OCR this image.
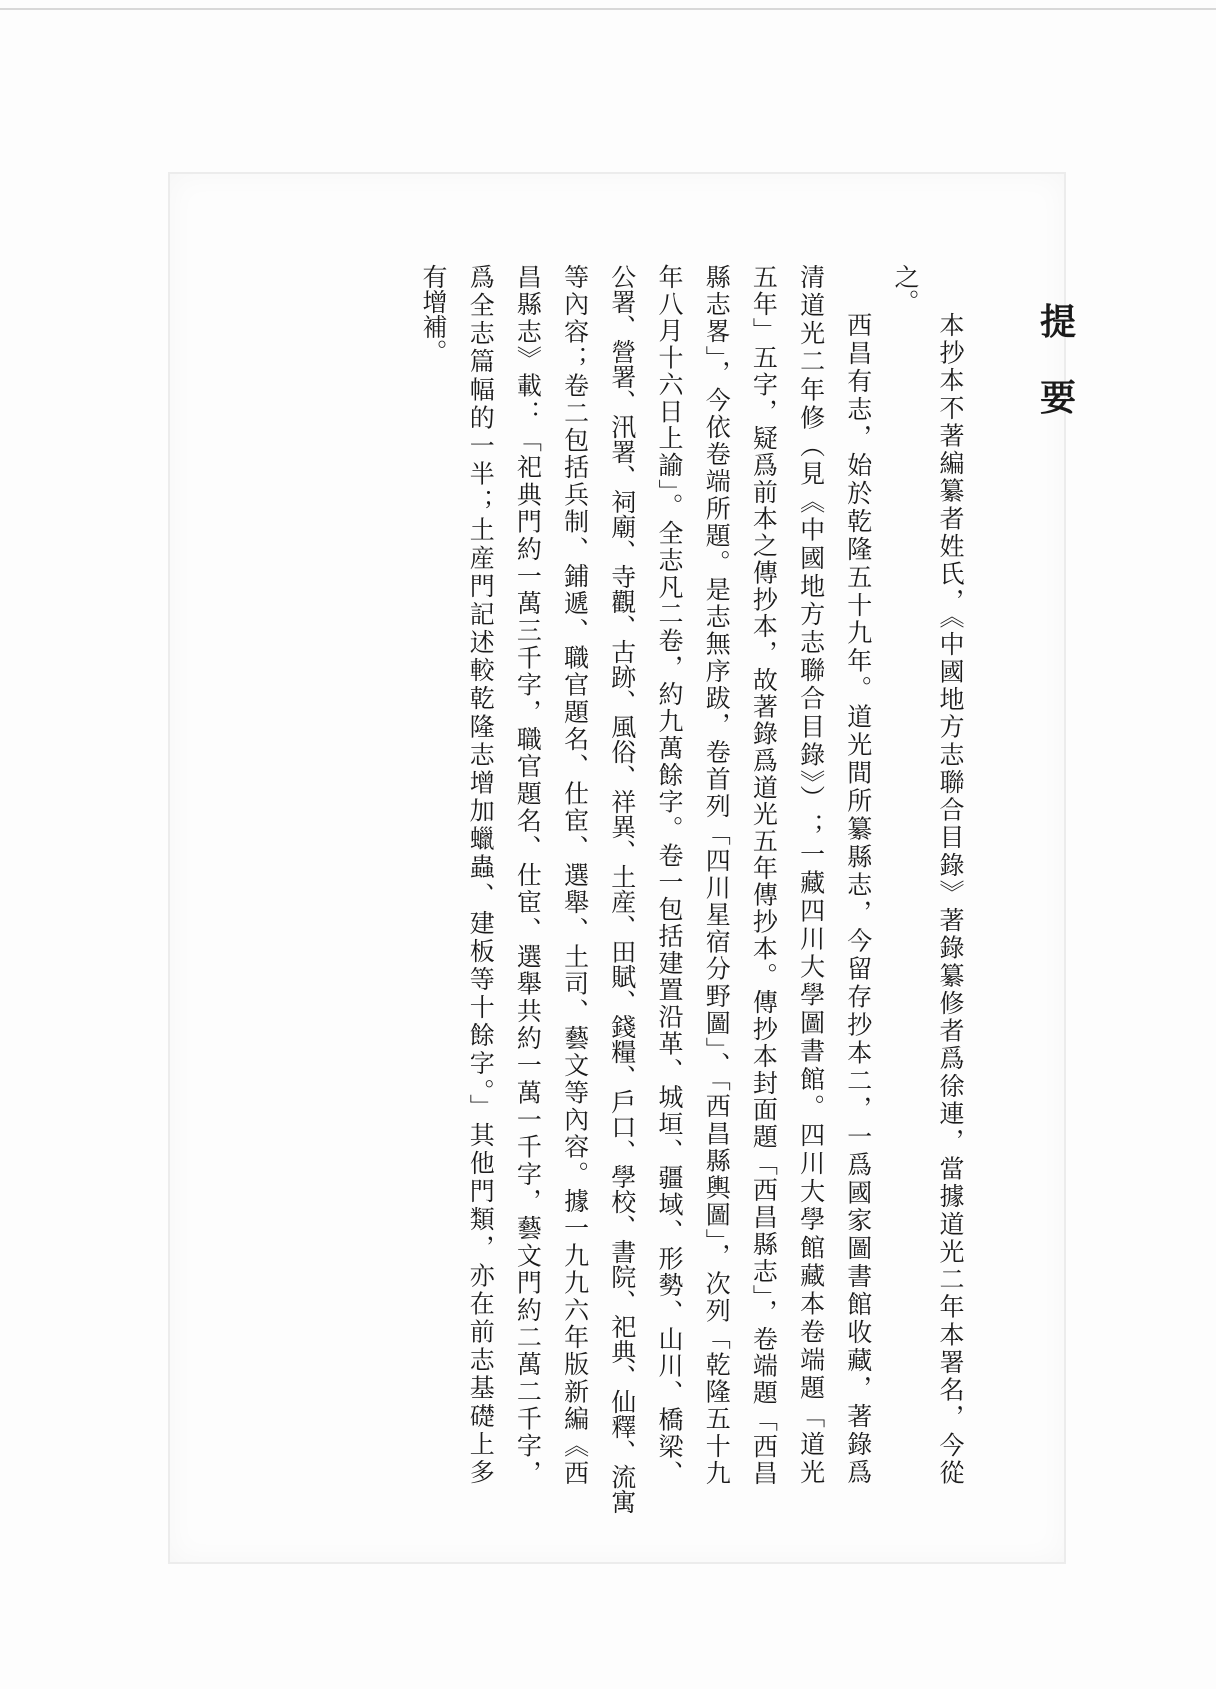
提
要
本抄本不著編纂者姓氏，《中國地方志聯合目錄》著錄纂修者爲徐連，當據道光二年本署名，今從
之。
西昌有志，始於乾隆五十九年。道光間所纂縣志，今留存抄本二，一爲國家圖書館收藏，著錄爲
清道光二年修（見《中國地方志聯合目錄》）；一藏四川大學圖書館。四川大學館藏本卷端題「道光
五年」五字，疑爲前本之傳抄本，故著錄爲道光五年傳抄本。傳抄本封面題「西昌縣志」，卷端題「西昌
縣志畧」，今依卷端所題。是志無序跋，卷首列「四川星宿分野圖」、「西昌縣輿圖」，次列「乾隆五十九
年八月十六日上諭」。全志凡二卷，約九萬餘字。卷一包括建置沿革、城垣、疆域、形勢、山川、橋梁、
公署、營署、汛署、祠廟、寺觀、古跡、風俗、祥異、土産、田賦、錢糧、戶口、學校、書院、祀典、仙釋、流寓
等內容；卷二包括兵制、鋪遞、職官題名、仕宦、選舉、土司、藝文等內容。據一九九六年版新編《西
昌縣志》載：「祀典門約一萬三千字，職官題名、仕宦、選舉共約一萬一千字，藝文門約二萬二千字，
爲全志篇幅的一半；土産門記述較乾隆志增加蠟蟲、建板等十餘字。」其他門類，亦在前志基礎上多
有增補。
